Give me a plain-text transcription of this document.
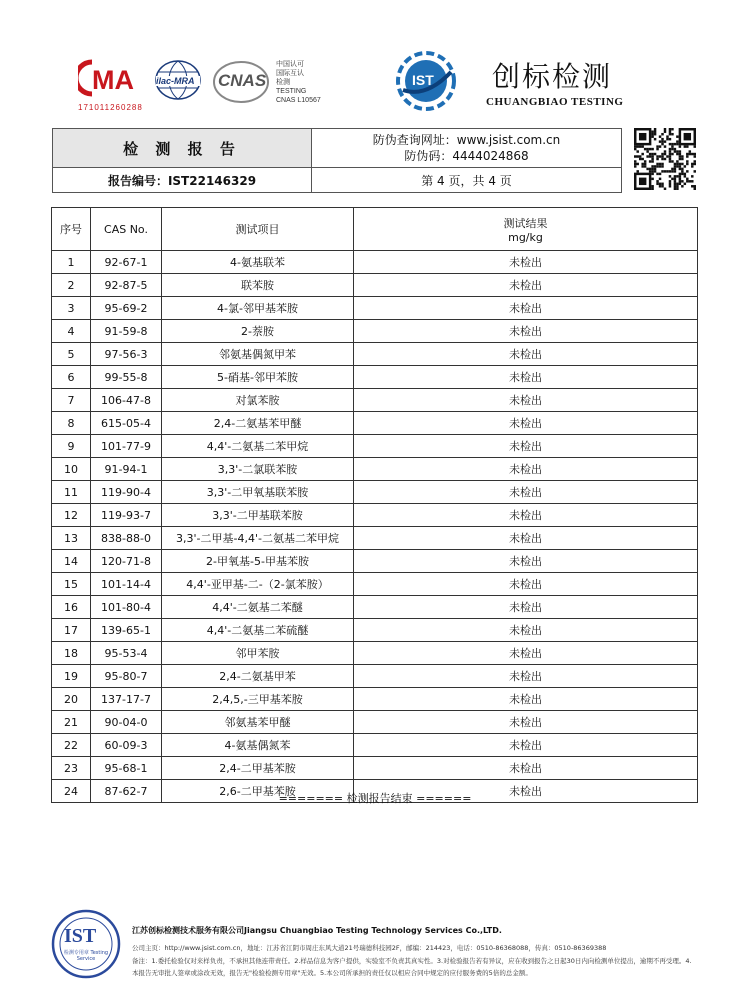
MA
171011260288
ilac-MRA CNAS
中国认可
国际互认
检测
TESTING
CNAS L10567
IST 创标检测
CHUANGBIAO TESTING
检 测 报 告	防伪查询网址：www.jsist.com.cn
防伪码：4444024868

报告编号：IST22146329	第 4 页，共 4 页
序号	CAS No.	测试项目	测试结果
mg/kg

1	92-67-1	4-氨基联苯	未检出
2	92-87-5	联苯胺	未检出
3	95-69-2	4-氯-邻甲基苯胺	未检出
4	91-59-8	2-萘胺	未检出
5	97-56-3	邻氨基偶氮甲苯	未检出
6	99-55-8	5-硝基-邻甲苯胺	未检出
7	106-47-8	对氯苯胺	未检出
8	615-05-4	2,4-二氨基苯甲醚	未检出
9	101-77-9	4,4'-二氨基二苯甲烷	未检出
10	91-94-1	3,3'-二氯联苯胺	未检出
11	119-90-4	3,3'-二甲氧基联苯胺	未检出
12	119-93-7	3,3'-二甲基联苯胺	未检出
13	838-88-0	3,3'-二甲基-4,4'-二氨基二苯甲烷	未检出
14	120-71-8	2-甲氧基-5-甲基苯胺	未检出
15	101-14-4	4,4'-亚甲基-二-（2-氯苯胺）	未检出
16	101-80-4	4,4'-二氨基二苯醚	未检出
17	139-65-1	4,4'-二氨基二苯硫醚	未检出
18	95-53-4	邻甲苯胺	未检出
19	95-80-7	2,4-二氨基甲苯	未检出
20	137-17-7	2,4,5,-三甲基苯胺	未检出
21	90-04-0	邻氨基苯甲醚	未检出
22	60-09-3	4-氨基偶氮苯	未检出
23	95-68-1	2,4-二甲基苯胺	未检出
24	87-62-7	2,6-二甲基苯胺	未检出
======= 检测报告结束 ======
IST
检测专用章 Testing Service
江苏创标检测技术服务有限公司Jiangsu Chuangbiao Testing Technology Services Co.,LTD.
公司主页：http://www.jsist.com.cn，地址：江苏省江阴市周庄东风大道21号瑞德科技园2F，邮编：214423，电话：0510-86368088，传真：0510-86369388
备注：1.委托检验仅对来样负责，不承担其他连带责任。2.样品信息为客户提供，实验室不负责其真实性。3.对检验报告若有异议，应在收到报告之日起30日内向检测单位提出，逾期不再受理。4.
本报告无审批人签章或涂改无效，报告无"检验检测专用章"无效。5.本公司所承担的责任仅以相应合同中规定的应付服务费的5倍的总金额。
